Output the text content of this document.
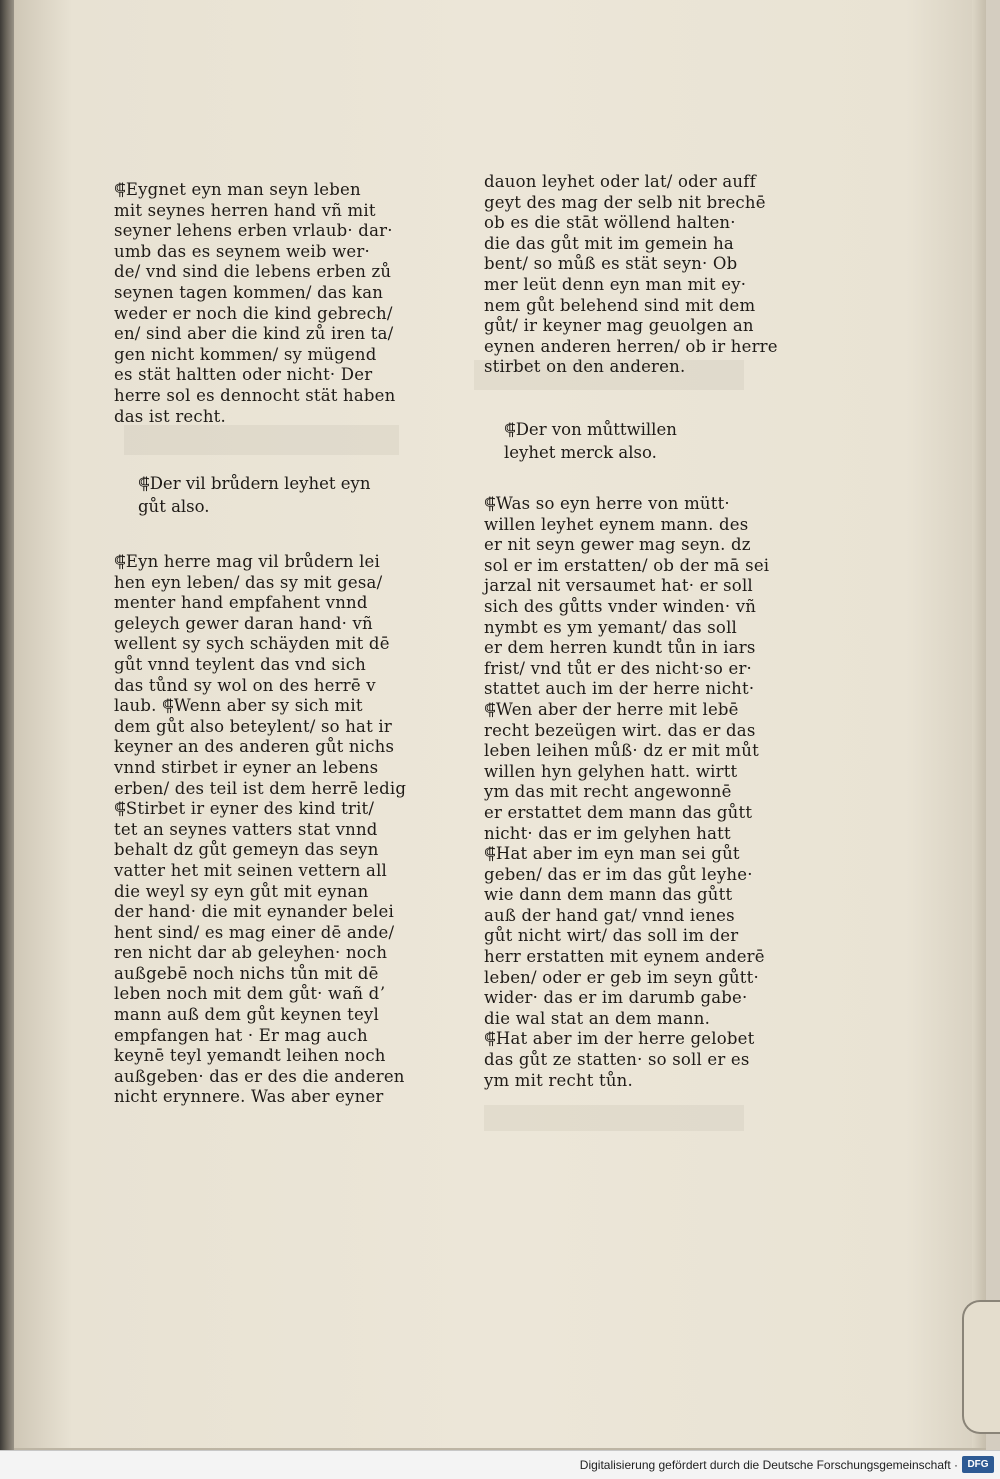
⸿Eygnet eyn man seyn leben
mit seynes herren hand vñ mit
seyner lehens erben vrlaub· dar·
umb das es seynem weib wer·
de/ vnd sind die lebens erben zů
seynen tagen kommen/ das kan
weder er noch die kind gebrech/
en/ sind aber die kind zů iren ta/
gen nicht kommen/ sy mügend
es stät haltten oder nicht· Der
herre sol es dennocht stät haben
das ist recht.
⸿Der vil brůdern leyhet eyn
gůt also.
⸿Eyn herre mag vil brůdern lei
hen eyn leben/ das sy mit gesa/
menter hand empfahent vnnd
geleych gewer daran hand· vñ
wellent sy sych schäyden mit dē
gůt vnnd teylent das vnd sich
das tůnd sy wol on des herrē v
laub. ⸿Wenn aber sy sich mit
dem gůt also beteylent/ so hat ir
keyner an des anderen gůt nichs
vnnd stirbet ir eyner an lebens
erben/ des teil ist dem herrē ledig
⸿Stirbet ir eyner des kind trit/
tet an seynes vatters stat vnnd
behalt dz gůt gemeyn das seyn
vatter het mit seinen vettern all
die weyl sy eyn gůt mit eynan
der hand· die mit eynander belei
hent sind/ es mag einer dē ande/
ren nicht dar ab geleyhen· noch
außgebē noch nichs tůn mit dē
leben noch mit dem gůt· wañ dʼ
mann auß dem gůt keynen teyl
empfangen hat · Er mag auch
keynē teyl yemandt leihen noch
außgeben· das er des die anderen
nicht erynnere. Was aber eyner
dauon leyhet oder lat/ oder auff
geyt des mag der selb nit brechē
ob es die stāt wöllend halten·
die das gůt mit im gemein ha
bent/ so můß es stät seyn· Ob
mer leüt denn eyn man mit ey·
nem gůt belehend sind mit dem
gůt/ ir keyner mag geuolgen an
eynen anderen herren/ ob ir herre
stirbet on den anderen.
⸿Der von můttwillen
leyhet merck also.
⸿Was so eyn herre von mütt·
willen leyhet eynem mann. des
er nit seyn gewer mag seyn. dz
sol er im erstatten/ ob der mā sei
jarzal nit versaumet hat· er soll
sich des gůtts vnder winden· vñ
nymbt es ym yemant/ das soll
er dem herren kundt tůn in iars
frist/ vnd tůt er des nicht·so er·
stattet auch im der herre nicht·
⸿Wen aber der herre mit lebē
recht bezeügen wirt. das er das
leben leihen můß· dz er mit můt
willen hyn gelyhen hatt. wirtt
ym das mit recht angewonnē
er erstattet dem mann das gůtt
nicht· das er im gelyhen hatt
⸿Hat aber im eyn man sei gůt
geben/ das er im das gůt leyhe·
wie dann dem mann das gůtt
auß der hand gat/ vnnd ienes
gůt nicht wirt/ das soll im der
herr erstatten mit eynem anderē
leben/ oder er geb im seyn gůtt·
wider· das er im darumb gabe·
die wal stat an dem mann.
⸿Hat aber im der herre gelobet
das gůt ze statten· so soll er es
ym mit recht tůn.
Digitalisierung gefördert durch die Deutsche Forschungsgemeinschaft · DFG
